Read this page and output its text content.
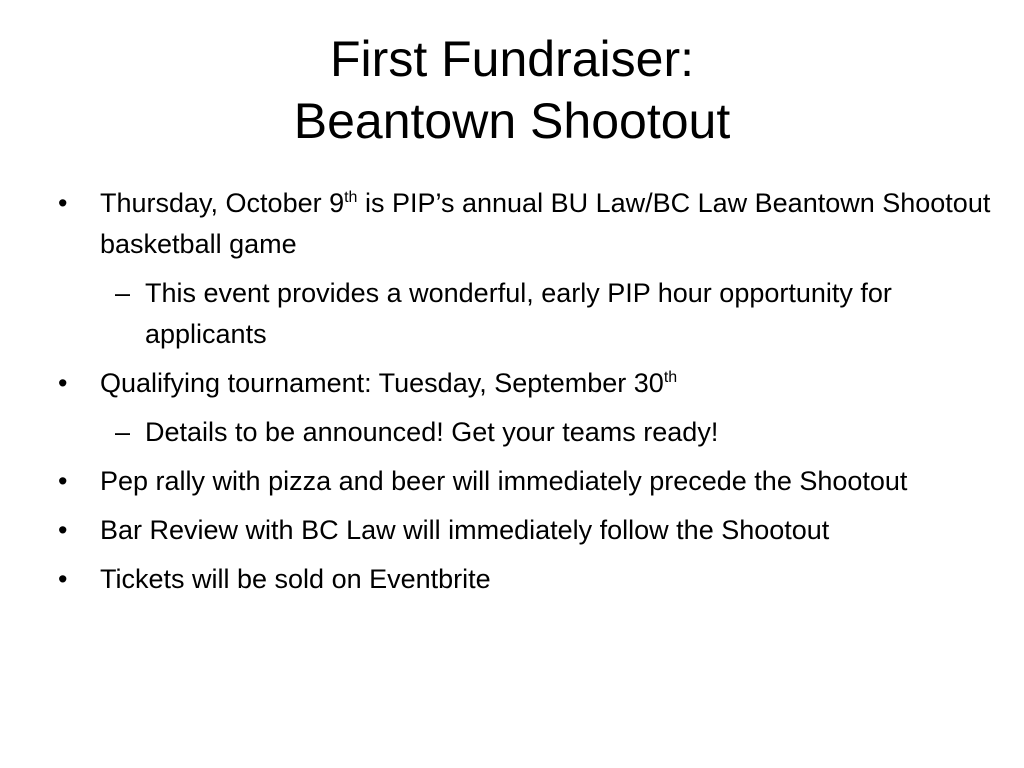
First Fundraiser:
Beantown Shootout
• Thursday, October 9th is PIP’s annual BU Law/BC Law Beantown Shootout basketball game
– This event provides a wonderful, early PIP hour opportunity for applicants
• Qualifying tournament: Tuesday, September 30th
– Details to be announced! Get your teams ready!
• Pep rally with pizza and beer will immediately precede the Shootout
• Bar Review with BC Law will immediately follow the Shootout
• Tickets will be sold on Eventbrite
